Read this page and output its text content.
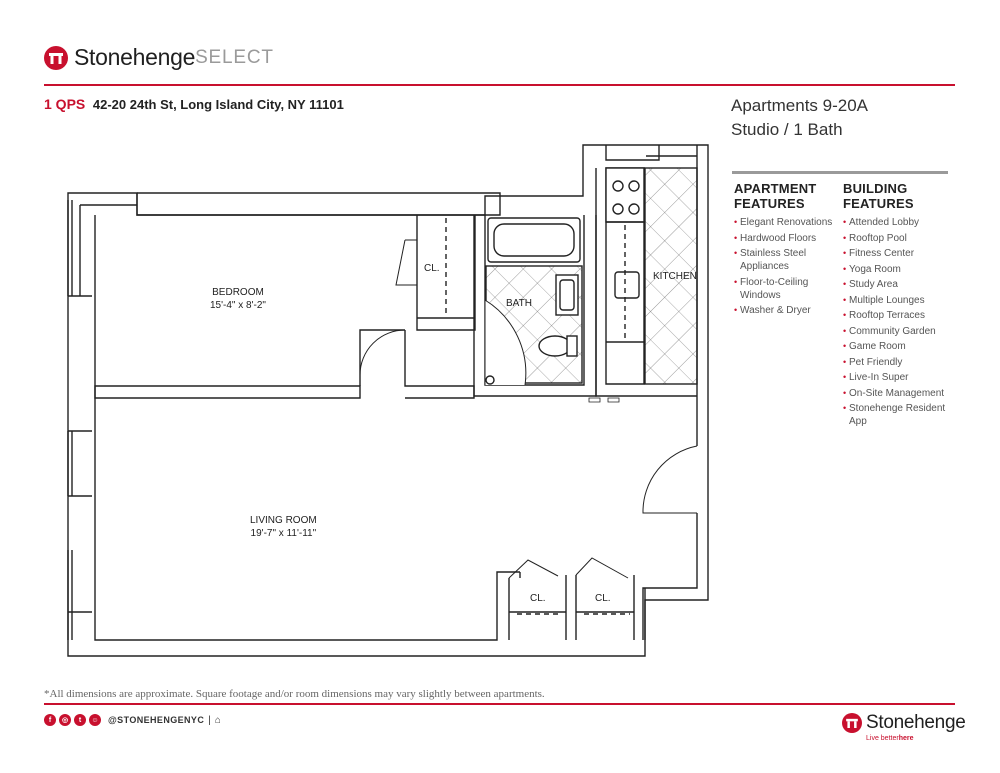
Stonehenge SELECT
1 QPS 42-20 24th St, Long Island City, NY 11101	Apartments 9-20A
Studio / 1 Bath
APARTMENT
FEATURES
• Elegant Renovations
• Hardwood Floors
• Stainless Steel Appliances
• Floor-to-Ceiling Windows
• Washer & Dryer
BUILDING
FEATURES
• Attended Lobby
• Rooftop Pool
• Fitness Center
• Yoga Room
• Study Area
• Multiple Lounges
• Rooftop Terraces
• Community Garden
• Game Room
• Pet Friendly
• Live-In Super
• On-Site Management
• Stonehenge Resident App
BEDROOM
15'-4" x 8'-2"
CL.
BATH
KITCHEN
LIVING ROOM
19'-7" x 11'-11"
CL.	CL.
*All dimensions are approximate. Square footage and/or room dimensions may vary slightly between apartments.
f	◎	t	☺ @STONEHENGENYC | ⌂	Stonehenge
Live betterhere
